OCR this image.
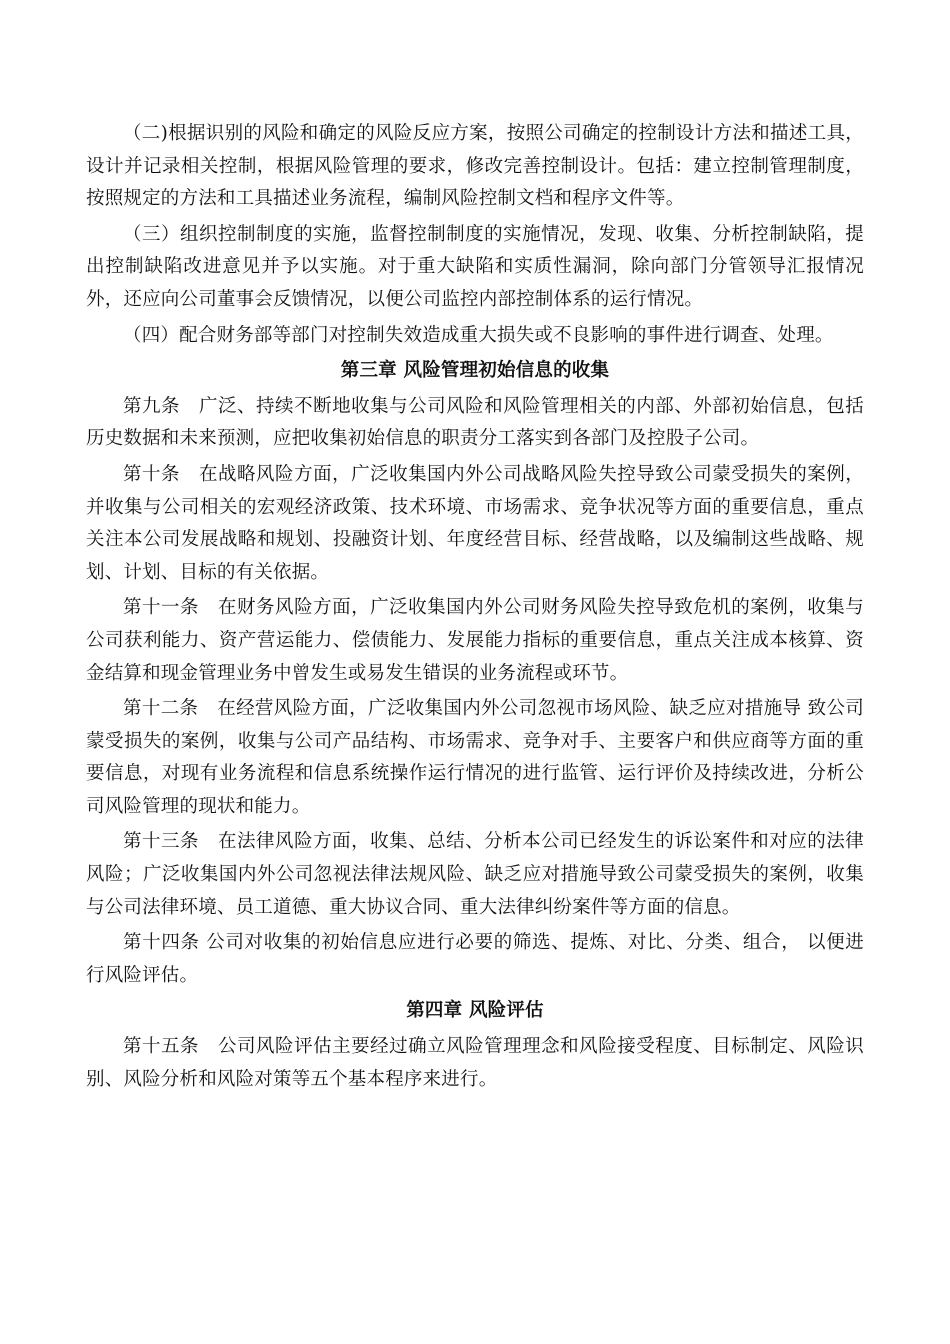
（二)根据识别的风险和确定的风险反应方案，按照公司确定的控制设计方法和描述工具，设计并记录相关控制，根据风险管理的要求，修改完善控制设计。包括：建立控制管理制度，按照规定的方法和工具描述业务流程，编制风险控制文档和程序文件等。

（三）组织控制制度的实施，监督控制制度的实施情况，发现、收集、分析控制缺陷，提出控制缺陷改进意见并予以实施。对于重大缺陷和实质性漏洞，除向部门分管领导汇报情况外，还应向公司董事会反馈情况，以便公司监控内部控制体系的运行情况。

（四）配合财务部等部门对控制失效造成重大损失或不良影响的事件进行调查、处理。

第三章 风险管理初始信息的收集

第九条　广泛、持续不断地收集与公司风险和风险管理相关的内部、外部初始信息，包括历史数据和未来预测，应把收集初始信息的职责分工落实到各部门及控股子公司。

第十条　在战略风险方面，广泛收集国内外公司战略风险失控导致公司蒙受损失的案例，并收集与公司相关的宏观经济政策、技术环境、市场需求、竞争状况等方面的重要信息，重点关注本公司发展战略和规划、投融资计划、年度经营目标、经营战略，以及编制这些战略、规划、计划、目标的有关依据。

第十一条　在财务风险方面，广泛收集国内外公司财务风险失控导致危机的案例，收集与公司获利能力、资产营运能力、偿债能力、发展能力指标的重要信息，重点关注成本核算、资金结算和现金管理业务中曾发生或易发生错误的业务流程或环节。

第十二条　在经营风险方面，广泛收集国内外公司忽视市场风险、缺乏应对措施导 致公司蒙受损失的案例，收集与公司产品结构、市场需求、竞争对手、主要客户和供应商等方面的重要信息，对现有业务流程和信息系统操作运行情况的进行监管、运行评价及持续改进，分析公司风险管理的现状和能力。

第十三条　在法律风险方面，收集、总结、分析本公司已经发生的诉讼案件和对应的法律风险；广泛收集国内外公司忽视法律法规风险、缺乏应对措施导致公司蒙受损失的案例，收集与公司法律环境、员工道德、重大协议合同、重大法律纠纷案件等方面的信息。

第十四条 公司对收集的初始信息应进行必要的筛选、提炼、对比、分类、组合， 以便进行风险评估。

第四章 风险评估

第十五条　公司风险评估主要经过确立风险管理理念和风险接受程度、目标制定、风险识别、风险分析和风险对策等五个基本程序来进行。
